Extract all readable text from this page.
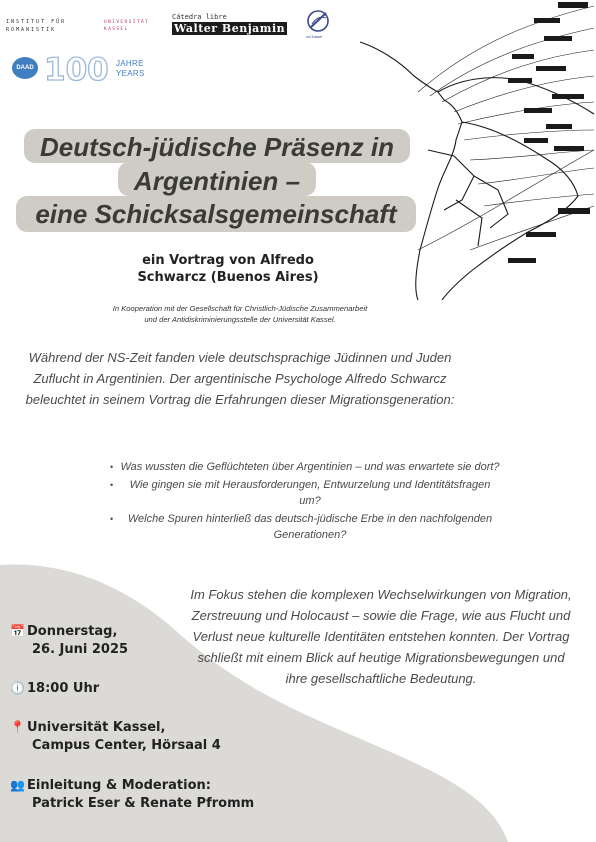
INSTITUT FÜR
ROMANISTIK
UNIVERSITÄT
KASSEL
Cátedra libre
Walter Benjamin
uni Kassel
DAAD 100 JAHRE
YEARS
Deutsch-jüdische Präsenz in
Argentinien –
eine Schicksalsgemeinschaft
ein Vortrag von Alfredo
Schwarcz (Buenos Aires)
In Kooperation mit der Gesellschaft für Christlich-Jüdische Zusammenarbeit
und der Antidiskriminierungsstelle der Universität Kassel.
Während der NS-Zeit fanden viele deutschsprachige Jüdinnen und Juden Zuflucht in Argentinien. Der argentinische Psychologe Alfredo Schwarcz beleuchtet in seinem Vortrag die Erfahrungen dieser Migrationsgeneration:
• Was wussten die Geflüchteten über Argentinien – und was erwartete sie dort?
• Wie gingen sie mit Herausforderungen, Entwurzelung und Identitätsfragen um?
• Welche Spuren hinterließ das deutsch-jüdische Erbe in den nachfolgenden Generationen?
Im Fokus stehen die komplexen Wechselwirkungen von Migration, Zerstreuung und Holocaust – sowie die Frage, wie aus Flucht und Verlust neue kulturelle Identitäten entstehen konnten. Der Vortrag schließt mit einem Blick auf heutige Migrationsbewegungen und ihre gesellschaftliche Bedeutung.
📅 Donnerstag,
26. Juni 2025
🕕 18:00 Uhr
📍 Universität Kassel,
Campus Center, Hörsaal 4
👥 Einleitung & Moderation:
Patrick Eser & Renate Pfromm
